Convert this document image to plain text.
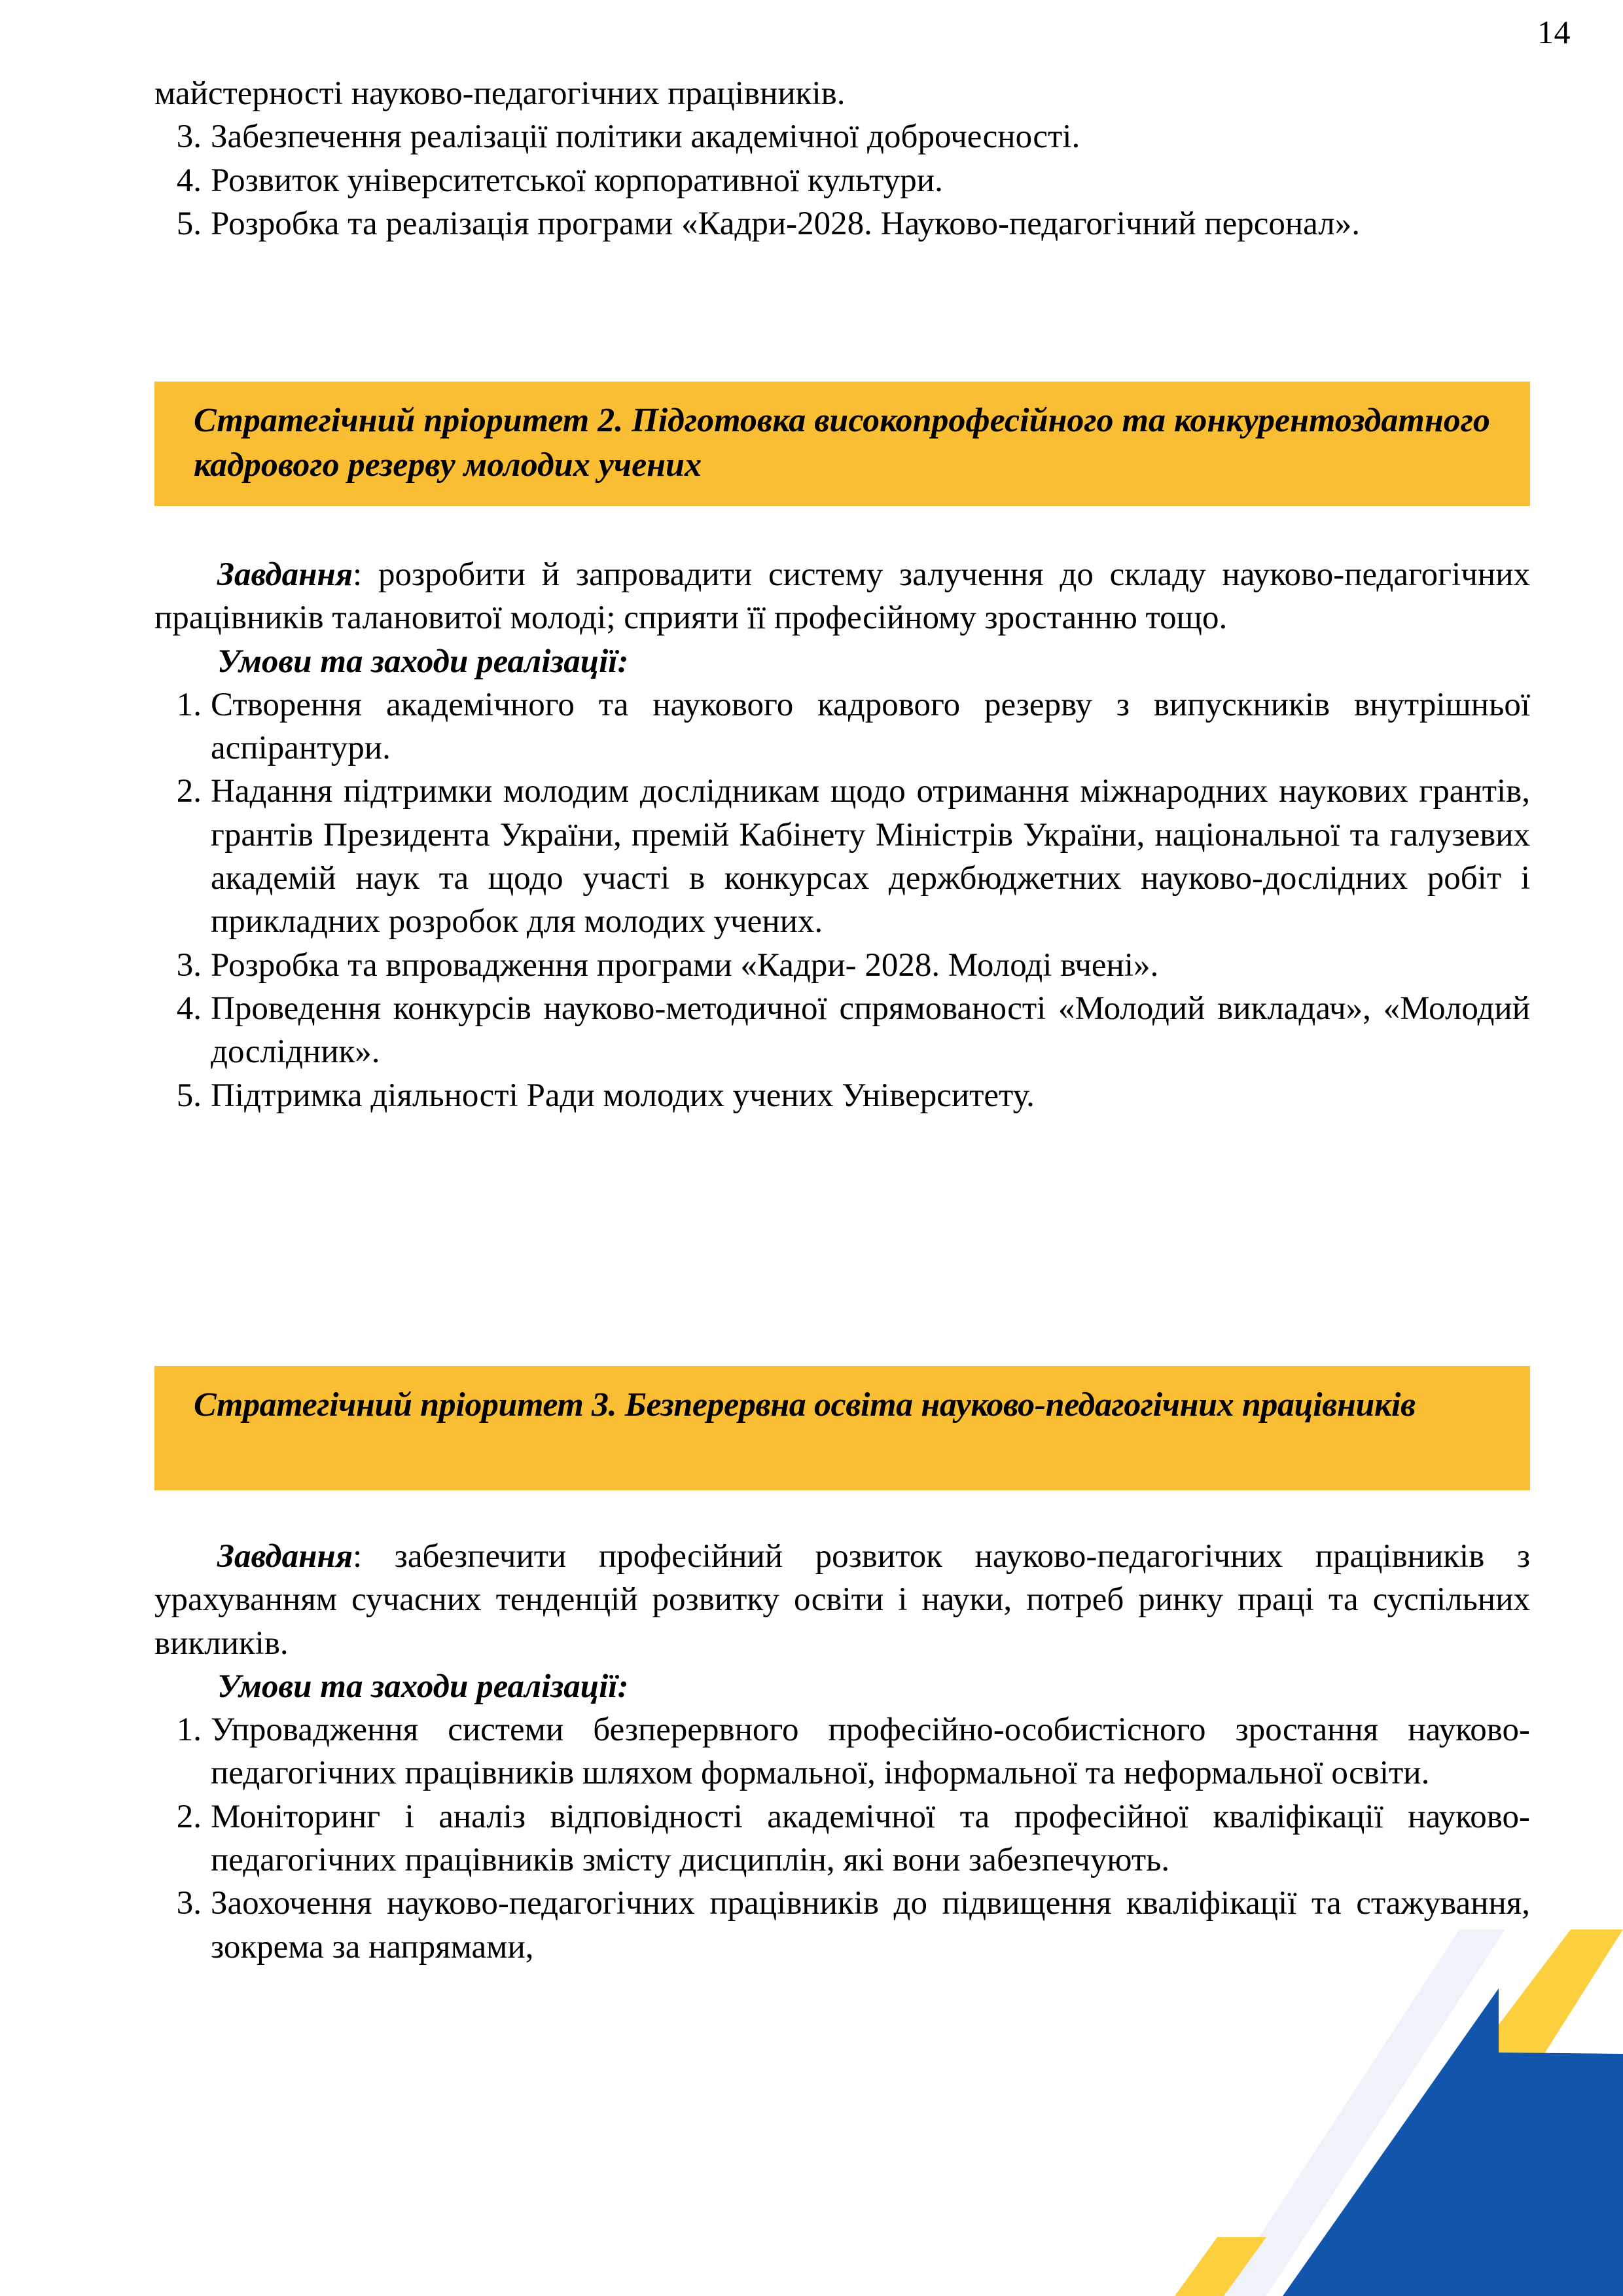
14

майстерності науково-педагогічних працівників.

3. Забезпечення реалізації політики академічної доброчесності.
4. Розвиток університетської корпоративної культури.
5. Розробка та реалізація програми «Кадри-2028. Науково-педагогічний персонал».
Стратегічний пріоритет 2. Підготовка високопрофесійного та конкурентоздатного кадрового резерву молодих учених

Завдання: розробити й запровадити систему залучення до складу науково-педагогічних працівників талановитої молоді; сприяти її професійному зростанню тощо.

Умови та заходи реалізації:

1. Створення академічного та наукового кадрового резерву з випускників внутрішньої аспірантури.
2. Надання підтримки молодим дослідникам щодо отримання міжнародних наукових грантів, грантів Президента України, премій Кабінету Міністрів України, національної та галузевих академій наук та щодо участі в конкурсах держбюджетних науково-дослідних робіт і прикладних розробок для молодих учених.
3. Розробка та впровадження програми «Кадри- 2028. Молоді вчені».
4. Проведення конкурсів науково-методичної спрямованості «Молодий викладач», «Молодий дослідник».
5. Підтримка діяльності Ради молодих учених Університету.
Стратегічний пріоритет 3. Безперервна освіта науково-педагогічних працівників

Завдання: забезпечити професійний розвиток науково-педагогічних працівників з урахуванням сучасних тенденцій розвитку освіти і науки, потреб ринку праці та суспільних викликів.

Умови та заходи реалізації:

1. Упровадження системи безперервного професійно-особистісного зростання науково-педагогічних працівників шляхом формальної, інформальної та неформальної освіти.
2. Моніторинг і аналіз відповідності академічної та професійної кваліфікації науково-педагогічних працівників змісту дисциплін, які вони забезпечують.
3. Заохочення науково-педагогічних працівників до підвищення кваліфікації та стажування, зокрема за напрямами,
